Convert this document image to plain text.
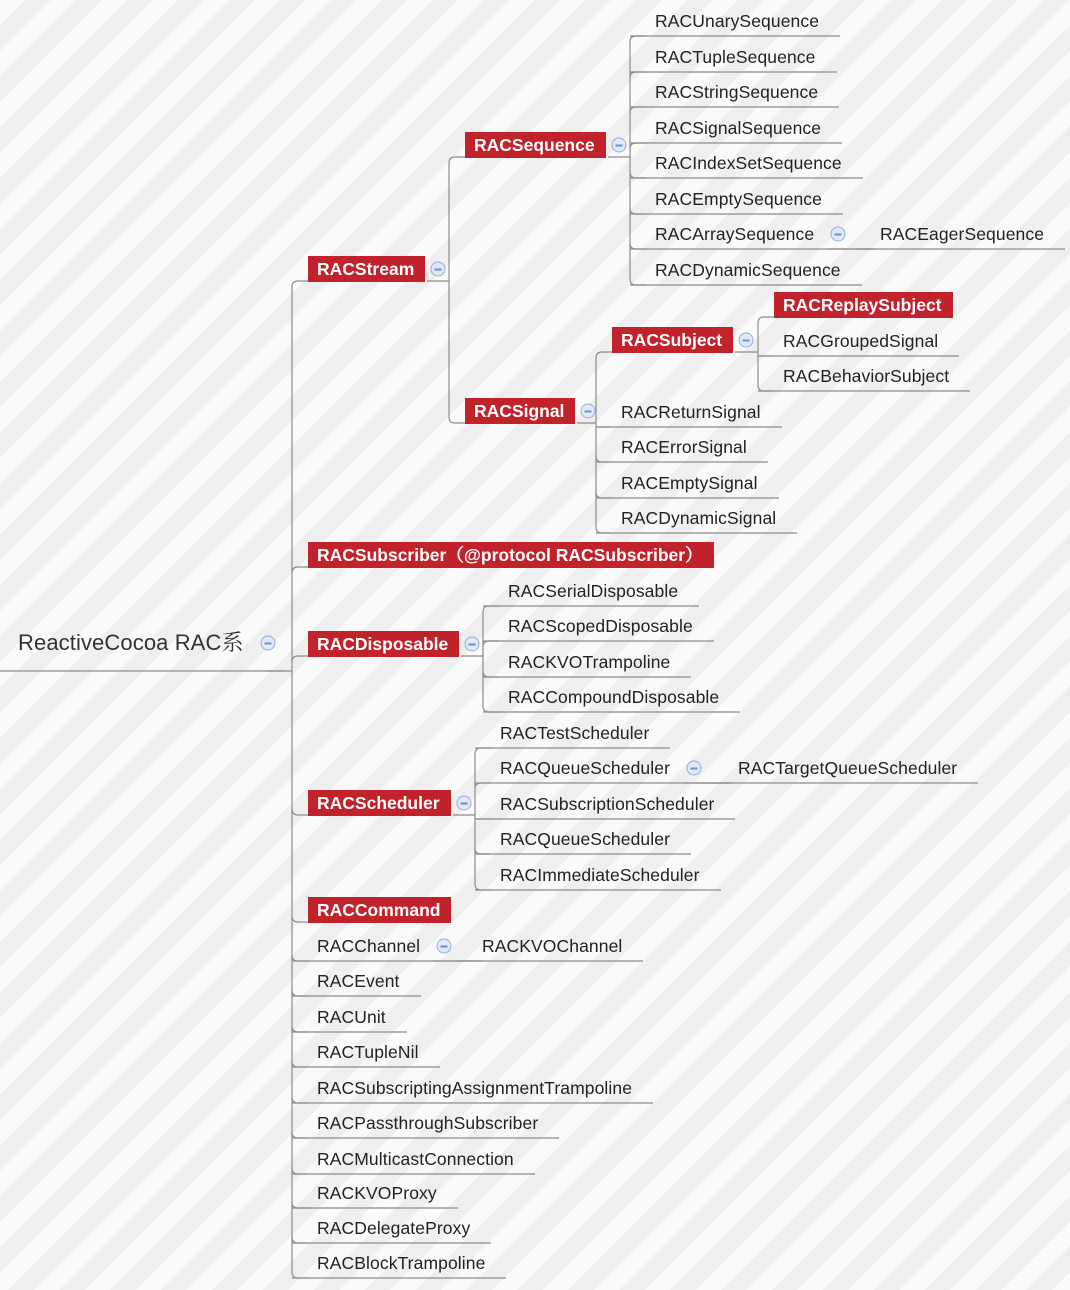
ReactiveCocoa RAC系
RACStream
RACSequence
RACUnarySequence
RACTupleSequence
RACStringSequence
RACSignalSequence
RACIndexSetSequence
RACEmptySequence
RACArraySequence	RACEagerSequence
RACDynamicSequence
RACSignal
RACSubject
RACReplaySubject
RACGroupedSignal
RACBehaviorSubject
RACReturnSignal
RACErrorSignal
RACEmptySignal
RACDynamicSignal
RACSubscriber（@protocol RACSubscriber）
RACDisposable
RACSerialDisposable
RACScopedDisposable
RACKVOTrampoline
RACCompoundDisposable
RACScheduler
RACTestScheduler
RACQueueScheduler	RACTargetQueueScheduler
RACSubscriptionScheduler
RACQueueScheduler
RACImmediateScheduler
RACCommand
RACChannel	RACKVOChannel
RACEvent
RACUnit
RACTupleNil
RACSubscriptingAssignmentTrampoline
RACPassthroughSubscriber
RACMulticastConnection
RACKVOProxy
RACDelegateProxy
RACBlockTrampoline
